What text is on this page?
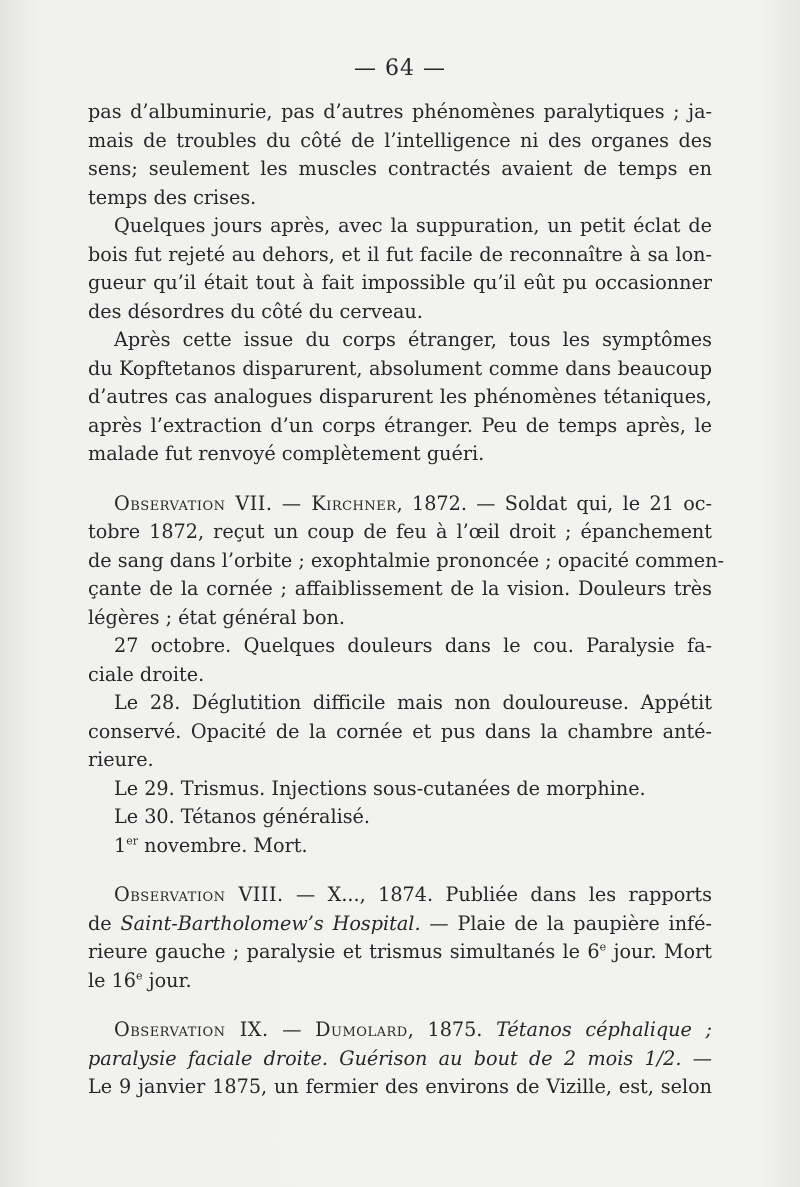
— 64 —
pas d’albuminurie, pas d’autres phénomènes paralytiques ; ja-
mais de troubles du côté de l’intelligence ni des organes des
sens; seulement les muscles contractés avaient de temps en
temps des crises.
Quelques jours après, avec la suppuration, un petit éclat de
bois fut rejeté au dehors, et il fut facile de reconnaître à sa lon-
gueur qu’il était tout à fait impossible qu’il eût pu occasionner
des désordres du côté du cerveau.
Après cette issue du corps étranger, tous les symptômes
du Kopftetanos disparurent, absolument comme dans beaucoup
d’autres cas analogues disparurent les phénomènes tétaniques,
après l’extraction d’un corps étranger. Peu de temps après, le
malade fut renvoyé complètement guéri.
Observation VII. — Kirchner, 1872. — Soldat qui, le 21 oc-
tobre 1872, reçut un coup de feu à l’œil droit ; épanchement
de sang dans l’orbite ; exophtalmie prononcée ; opacité commen-
çante de la cornée ; affaiblissement de la vision. Douleurs très
légères ; état général bon.
27 octobre. Quelques douleurs dans le cou. Paralysie fa-
ciale droite.
Le 28. Déglutition difficile mais non douloureuse. Appétit
conservé. Opacité de la cornée et pus dans la chambre anté-
rieure.
Le 29. Trismus. Injections sous-cutanées de morphine.
Le 30. Tétanos généralisé.
1er novembre. Mort.
Observation VIII. — X..., 1874. Publiée dans les rapports
de Saint-Bartholomew’s Hospital. — Plaie de la paupière infé-
rieure gauche ; paralysie et trismus simultanés le 6e jour. Mort
le 16e jour.
Observation IX. — Dumolard, 1875. Tétanos céphalique ;
paralysie faciale droite. Guérison au bout de 2 mois 1/2. —
Le 9 janvier 1875, un fermier des environs de Vizille, est, selon
